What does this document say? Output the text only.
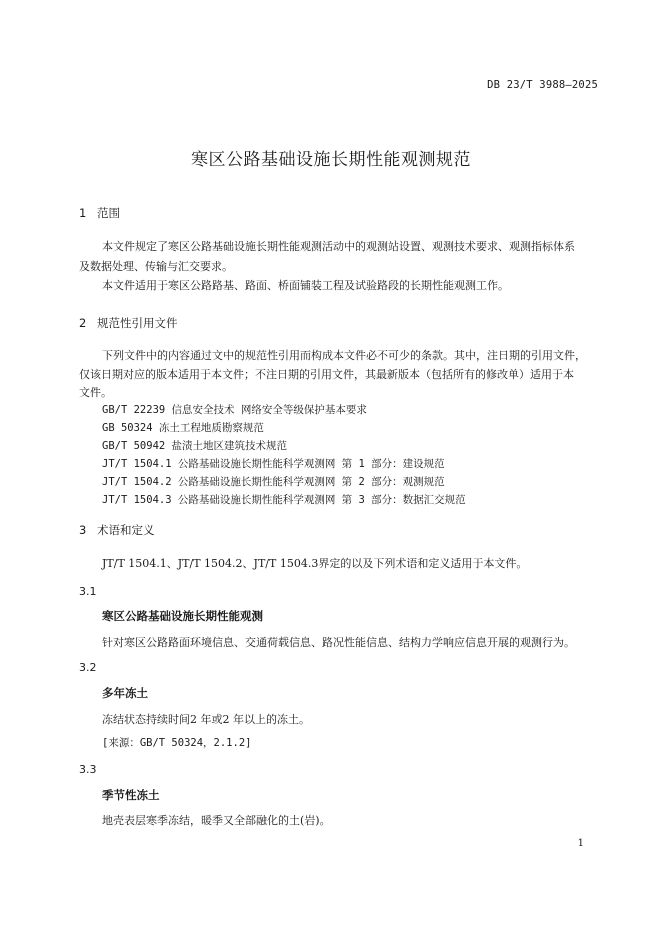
DB 23/T 3988—2025
寒区公路基础设施长期性能观测规范
1 范围
本文件规定了寒区公路基础设施长期性能观测活动中的观测站设置、观测技术要求、观测指标体系
及数据处理、传输与汇交要求。
本文件适用于寒区公路路基、路面、桥面铺装工程及试验路段的长期性能观测工作。
2 规范性引用文件
下列文件中的内容通过文中的规范性引用而构成本文件必不可少的条款。其中，注日期的引用文件，
仅该日期对应的版本适用于本文件；不注日期的引用文件，其最新版本（包括所有的修改单）适用于本
文件。
GB/T 22239 信息安全技术 网络安全等级保护基本要求
GB 50324 冻土工程地质勘察规范
GB/T 50942 盐渍土地区建筑技术规范
JT/T 1504.1 公路基础设施长期性能科学观测网 第 1 部分：建设规范
JT/T 1504.2 公路基础设施长期性能科学观测网 第 2 部分：观测规范
JT/T 1504.3 公路基础设施长期性能科学观测网 第 3 部分：数据汇交规范
3 术语和定义
JT/T 1504.1、JT/T 1504.2、JT/T 1504.3界定的以及下列术语和定义适用于本文件。
3.1
寒区公路基础设施长期性能观测
针对寒区公路路面环境信息、交通荷载信息、路况性能信息、结构力学响应信息开展的观测行为。
3.2
多年冻土
冻结状态持续时间2 年或2 年以上的冻土。
[来源：GB/T 50324，2.1.2]
3.3
季节性冻土
地壳表层寒季冻结，暖季又全部融化的土(岩)。
1
